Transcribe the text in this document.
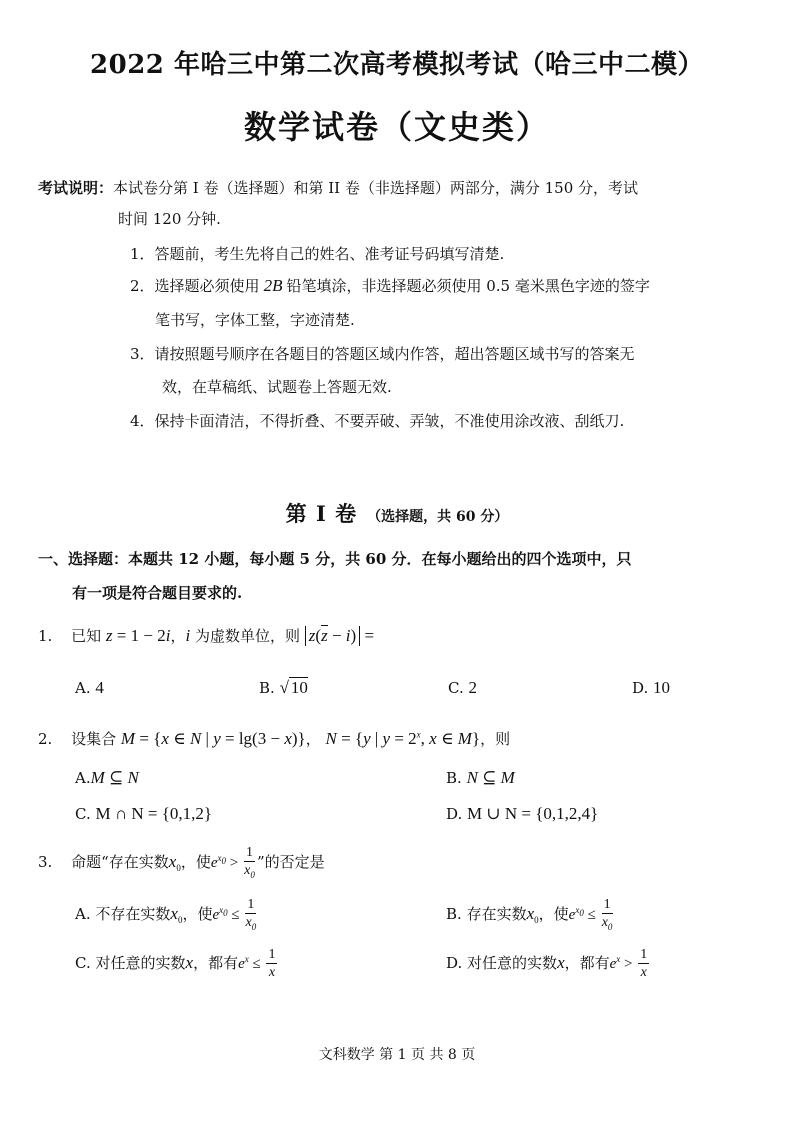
2022 年哈三中第二次高考模拟考试（哈三中二模）
数学试卷（文史类）
考试说明：本试卷分第 I 卷（选择题）和第 II 卷（非选择题）两部分，满分 150 分，考试
时间 120 分钟.
1．答题前，考生先将自己的姓名、准考证号码填写清楚.
2．选择题必须使用 2B 铅笔填涂，非选择题必须使用 0.5 毫米黑色字迹的签字
笔书写，字体工整，字迹清楚.
3．请按照题号顺序在各题目的答题区域内作答，超出答题区域书写的答案无
效，在草稿纸、试题卷上答题无效.
4．保持卡面清洁，不得折叠、不要弄破、弄皱，不准使用涂改液、刮纸刀.
第 I 卷 （选择题，共 60 分）
一、选择题：本题共 12 小题，每小题 5 分，共 60 分．在每小题给出的四个选项中，只
有一项是符合题目要求的.
1. 已知 z = 1 − 2i，i 为虚数单位，则 z(z − i) =
A. 4	B. √ 10	C. 2	D. 10
2. 设集合 M = {x ∈ N | y = lg(3 − x)}， N = {y | $y = 2^x$, x ∈ M}，则
A.M ⊆ N	B. N ⊆ M
C. M ∩ N = {0,1,2}	D. M ∪ N = {0,1,2,4}
3. 命题“存在实数$x_0$，使$e^{x_0} > \frac{1}{x_0}$ ”的否定是
A. 不存在实数$x_0$，使$e^{x_0} \le \frac{1}{x_0}$	B. 存在实数$x_0$，使$e^{x_0} \le \frac{1}{x_0}$
C. 对任意的实数x，都有$e^x \le \frac{1}{x}$	D. 对任意的实数x，都有$e^x > \frac{1}{x}$
文科数学 第 1 页 共 8 页
